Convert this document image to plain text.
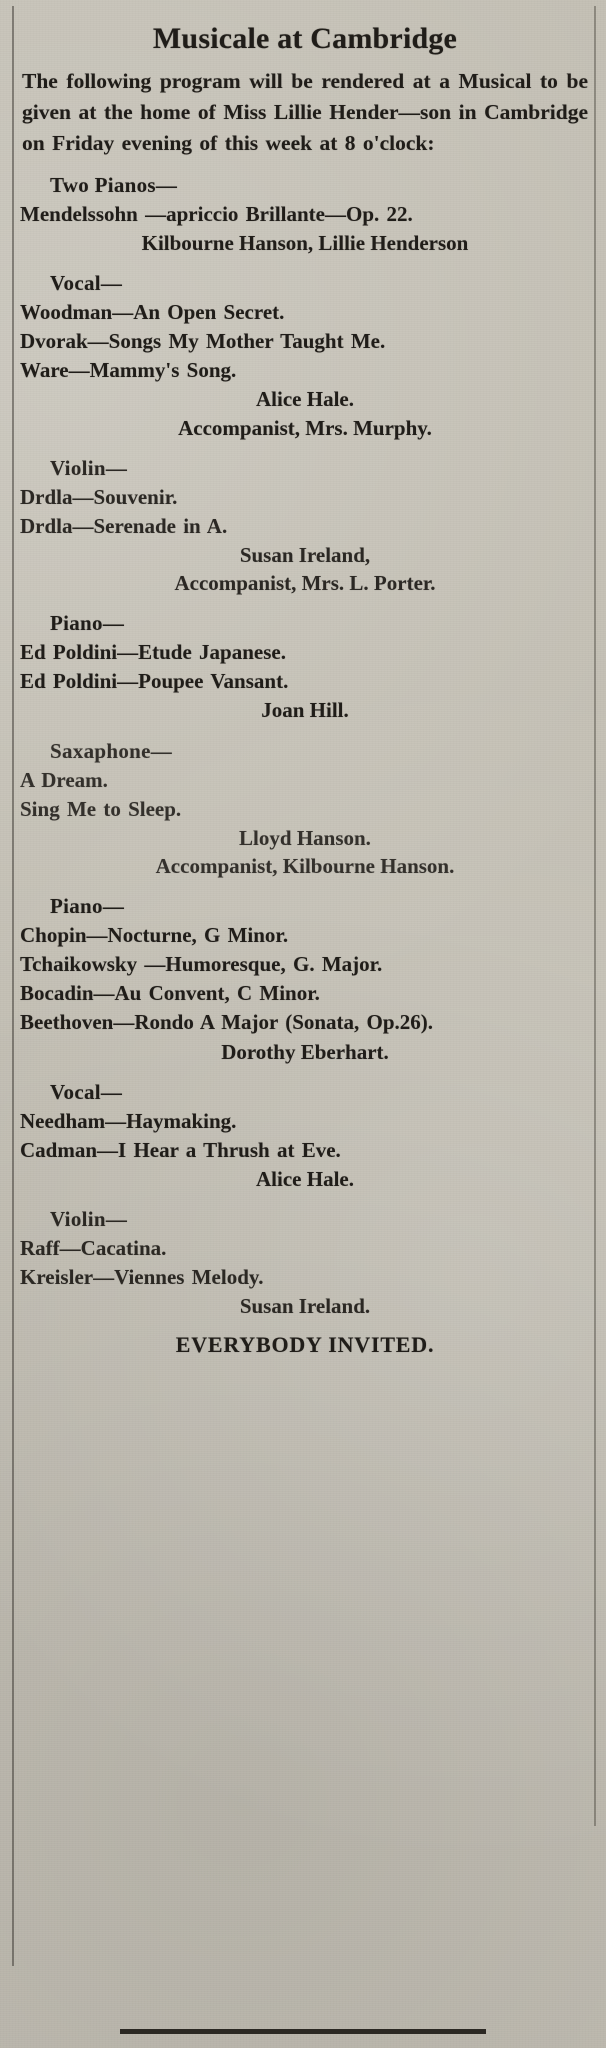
Musicale at Cambridge
The following program will be rendered at a Musical to be given at the home of Miss Lillie Hender—son in Cambridge on Friday evening of this week at 8 o'clock:
Two Pianos—
Mendelssohn —apriccio Brillante—Op. 22.
Kilbourne Hanson, Lillie Henderson
Vocal—
Woodman—An Open Secret.
Dvorak—Songs My Mother Taught Me.
Ware—Mammy's Song.
Alice Hale.
Accompanist, Mrs. Murphy.
Violin—
Drdla—Souvenir.
Drdla—Serenade in A.
Susan Ireland,
Accompanist, Mrs. L. Porter.
Piano—
Ed Poldini—Etude Japanese.
Ed Poldini—Poupee Vansant.
Joan Hill.
Saxaphone—
A Dream.
Sing Me to Sleep.
Lloyd Hanson.
Accompanist, Kilbourne Hanson.
Piano—
Chopin—Nocturne, G Minor.
Tchaikowsky —Humoresque, G. Major.
Bocadin—Au Convent, C Minor.
Beethoven—Rondo A Major (Sonata, Op.26).
Dorothy Eberhart.
Vocal—
Needham—Haymaking.
Cadman—I Hear a Thrush at Eve.
Alice Hale.
Violin—
Raff—Cacatina.
Kreisler—Viennes Melody.
Susan Ireland.
EVERYBODY INVITED.
